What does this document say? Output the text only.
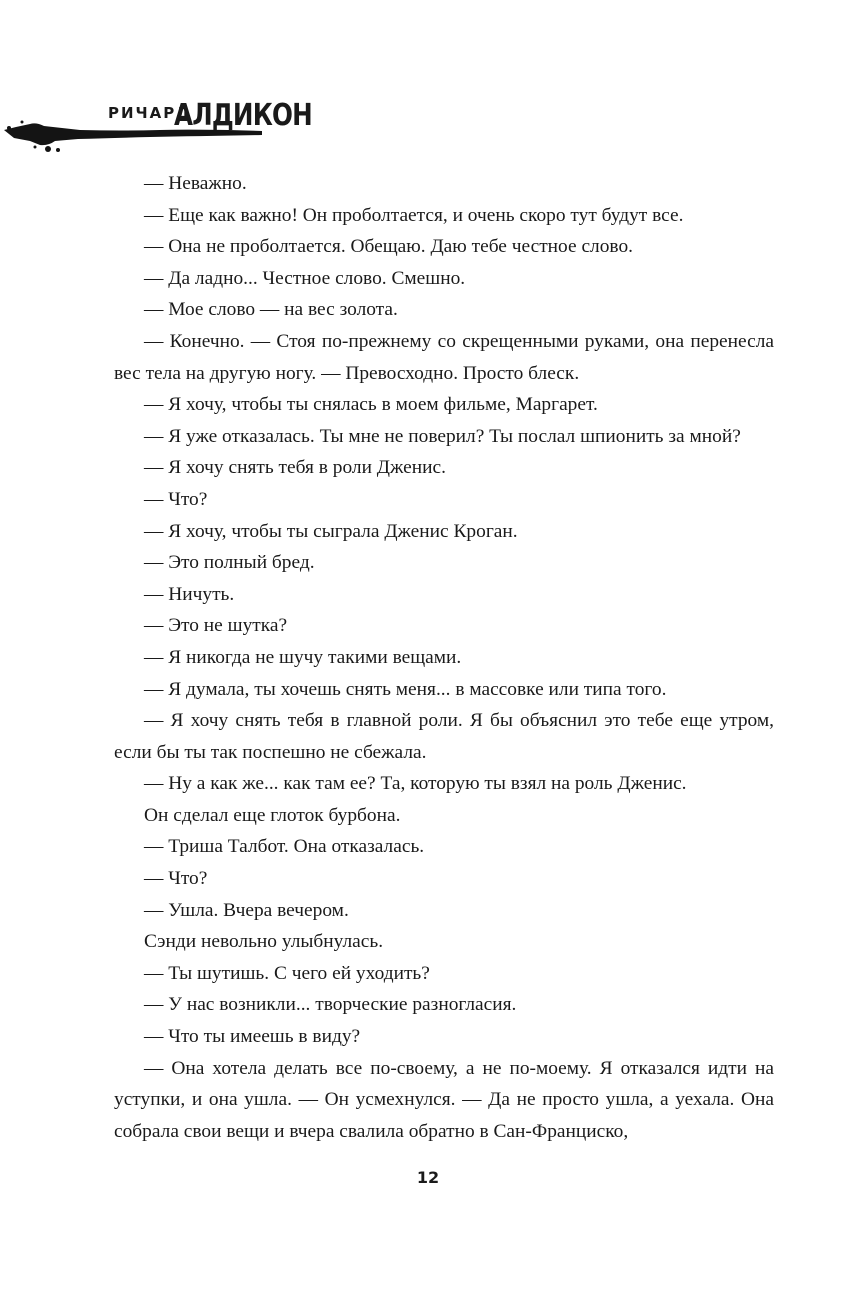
РИЧАРД
АЛДИКОН

— Неважно.

— Еще как важно! Он проболтается, и очень скоро тут будут все.

— Она не проболтается. Обещаю. Даю тебе честное слово.

— Да ладно... Честное слово. Смешно.

— Мое слово — на вес золота.

— Конечно. — Стоя по-прежнему со скрещенными руками, она перенесла вес тела на другую ногу. — Превосходно. Просто блеск.

— Я хочу, чтобы ты снялась в моем фильме, Маргарет.

— Я уже отказалась. Ты мне не поверил? Ты послал шпионить за мной?

— Я хочу снять тебя в роли Дженис.

— Что?

— Я хочу, чтобы ты сыграла Дженис Кроган.

— Это полный бред.

— Ничуть.

— Это не шутка?

— Я никогда не шучу такими вещами.

— Я думала, ты хочешь снять меня... в массовке или типа того.

— Я хочу снять тебя в главной роли. Я бы объяснил это тебе еще утром, если бы ты так поспешно не сбежала.

— Ну а как же... как там ее? Та, которую ты взял на роль Дженис.

Он сделал еще глоток бурбона.

— Триша Талбот. Она отказалась.

— Что?

— Ушла. Вчера вечером.

Сэнди невольно улыбнулась.

— Ты шутишь. С чего ей уходить?

— У нас возникли... творческие разногласия.

— Что ты имеешь в виду?

— Она хотела делать все по-своему, а не по-моему. Я отказался идти на уступки, и она ушла. — Он усмехнулся. — Да не просто ушла, а уехала. Она собрала свои вещи и вчера свалила обратно в Сан-Франциско,

12
